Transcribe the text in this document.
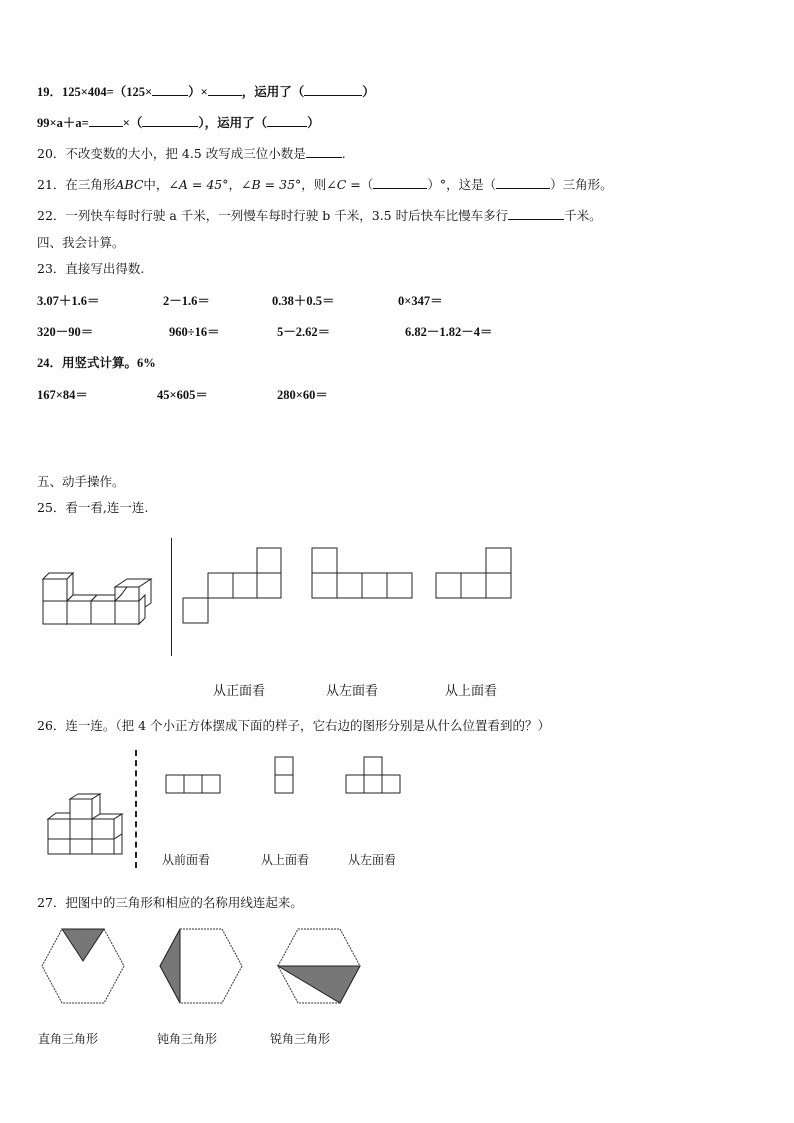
19．125×404=（125×	）×	，运用了（	）
99×a＋a=	×（	），运用了（	）
20．不改变数的大小，把 4.5 改写成三位小数是	.
21．在三角形ABC中，∠A = 45°，∠B = 35°，则∠C =（	）°，这是（	）三角形。
22．一列快车每时行驶 a 千米，一列慢车每时行驶 b 千米，3.5 时后快车比慢车多行	千米。
四、我会计算。
23．直接写出得数.
3.07＋1.6＝	2－1.6＝	0.38＋0.5＝	0×347＝
320－90＝	960÷16＝	5－2.62＝	6.82－1.82－4＝
24．用竖式计算。6%
167×84＝	45×605＝	280×60＝
五、动手操作。
25．看一看,连一连.
从正面看	从左面看	从上面看
26．连一连。（把 4 个小正方体摆成下面的样子，它右边的图形分别是从什么位置看到的？）
从前面看	从上面看	从左面看
27．把图中的三角形和相应的名称用线连起来。
直角三角形	钝角三角形	锐角三角形
